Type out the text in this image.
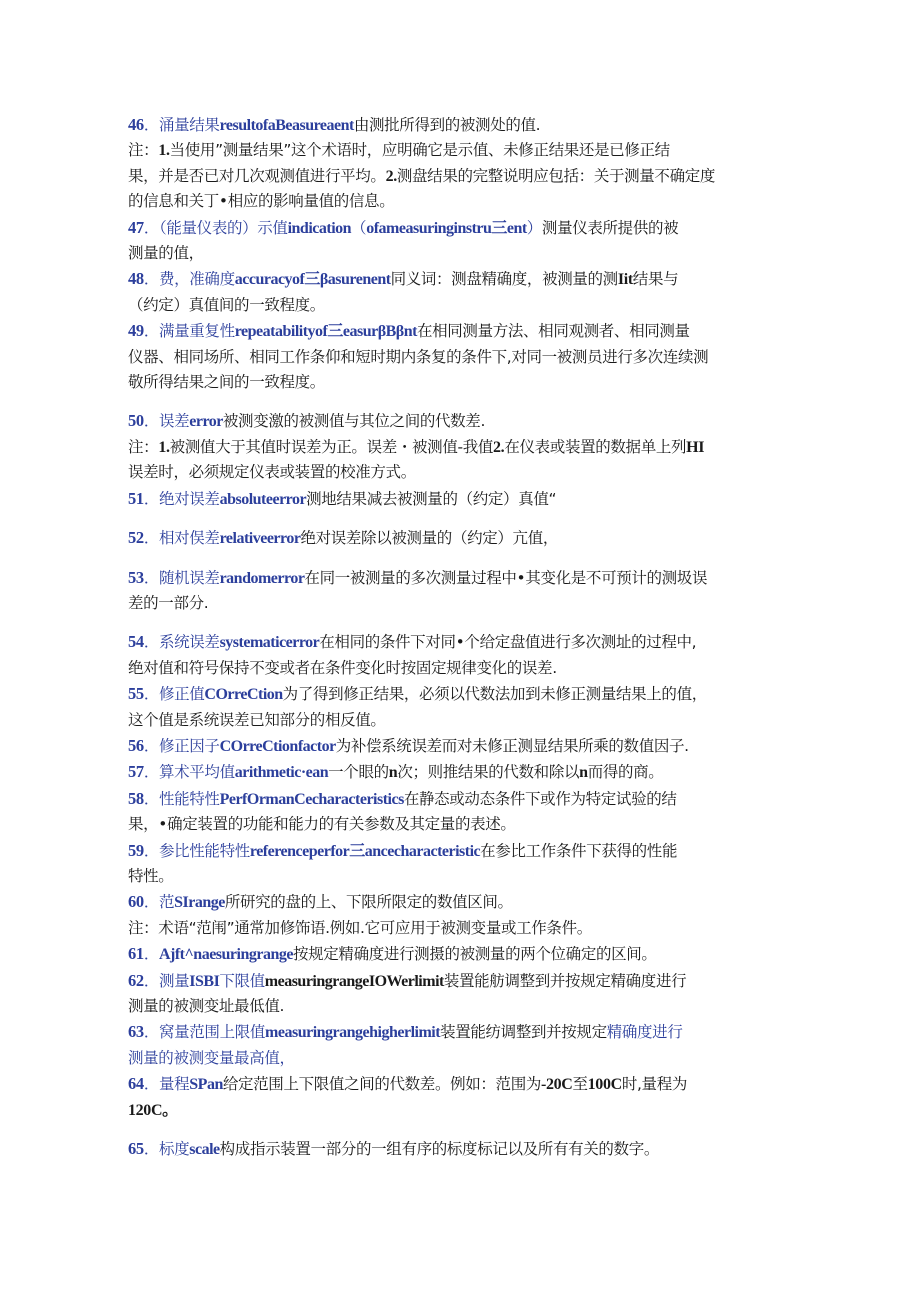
46．涌量结果resultofaBeasureaent由测批所得到的被测处的值.
注：1.当使用”测量结果”这个术语时，应明确它是示值、未修正结果还是已修正结
果，并是否已对几次观测值进行平均。2.测盘结果的完整说明应包括：关于测量不确定度
的信息和关丁•相应的影响量值的信息。
47．（能量仪表的）示值indication（ofameasuringinstru三ent）测量仪表所提供的被
测量的值，
48．费，准确度accuracyof三βasurenent同义词：测盘精确度，被测量的测Iit结果与
（约定）真值间的一致程度。
49．满量重复性repeatabilityof三easurβBβnt在相同测量方法、相同观测者、相同测量
仪器、相同场所、相同工作条仰和短时期内条复的条件下,对同一被测员进行多次连续测
敬所得结果之间的一致程度。
50．误差error被测变激的被测值与其位之间的代数差.
注：1.被测值大于其值时误差为正。误差・被测值-我值2.在仪表或装置的数据单上列HI
误差时，必须规定仪表或装置的校准方式。
51．绝对误差absoluteerror测地结果减去被测量的（约定）真值“
52．相对俣差relativeerror绝对误差除以被测量的（约定）亢值，
53．随机误差randomerror在同一被测量的多次测量过程中•其变化是不可预计的测圾误
差的一部分.
54．系统误差systematicerror在相同的条件下对同•个给定盘值进行多次测址的过程中,
绝对值和符号保持不变或者在条件变化时按固定规律变化的误差.
55．修正值COrreCtion为了得到修正结果，必须以代数法加到未修正测量结果上的值，
这个值是系统误差已知部分的相反值。
56．修正因子COrreCtionfactor为补偿系统误差而对未修正测显结果所乘的数值因子.
57．算术平均值arithmetic·ean一个眼的n次；则推结果的代数和除以n而得的商。
58．性能特性PerfOrmanCecharacteristics在静态或动态条件下或作为特定试验的结
果，•确定装置的功能和能力的有关参数及其定量的表述。
59．参比性能特性referenceperfor三ancecharacteristic在参比工作条件下获得的性能
特性。
60．范SIrange所研究的盘的上、下限所限定的数值区间。
注：术语“范闱”通常加修饰语.例如.它可应用于被测变量或工作条件。
61．Ajft^naesuringrange按规定精确度进行测摄的被测量的两个位确定的区间。
62．测量ISBI下限值measuringrangeIOWerlimit装置能舫调整到并按规定精确度进行
测量的被测变址最低值.
63．窝量范围上限值measuringrangehigherlimit装置能纺调整到并按规定精确度进行
测量的被测变量最高值，
64．量程SPan给定范围上下限值之间的代数差。例如：范围为-20C至100C时,量程为
120C。
65．标度scale构成指示装置一部分的一组有序的标度标记以及所有有关的数字。
